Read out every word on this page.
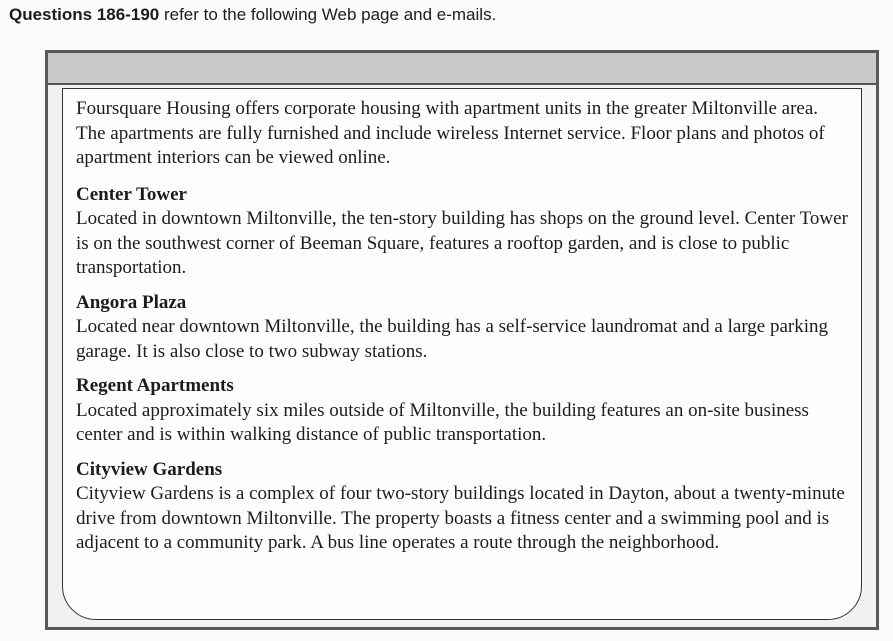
Questions 186-190 refer to the following Web page and e-mails.

Foursquare Housing offers corporate housing with apartment units in the greater Miltonville area. The apartments are fully furnished and include wireless Internet service. Floor plans and photos of apartment interiors can be viewed online.

Center Tower

Located in downtown Miltonville, the ten-story building has shops on the ground level. Center Tower is on the southwest corner of Beeman Square, features a rooftop garden, and is close to public transportation.

Angora Plaza

Located near downtown Miltonville, the building has a self-service laundromat and a large parking garage. It is also close to two subway stations.

Regent Apartments

Located approximately six miles outside of Miltonville, the building features an on-site business center and is within walking distance of public transportation.

Cityview Gardens

Cityview Gardens is a complex of four two-story buildings located in Dayton, about a twenty-minute drive from downtown Miltonville. The property boasts a fitness center and a swimming pool and is adjacent to a community park. A bus line operates a route through the neighborhood.
